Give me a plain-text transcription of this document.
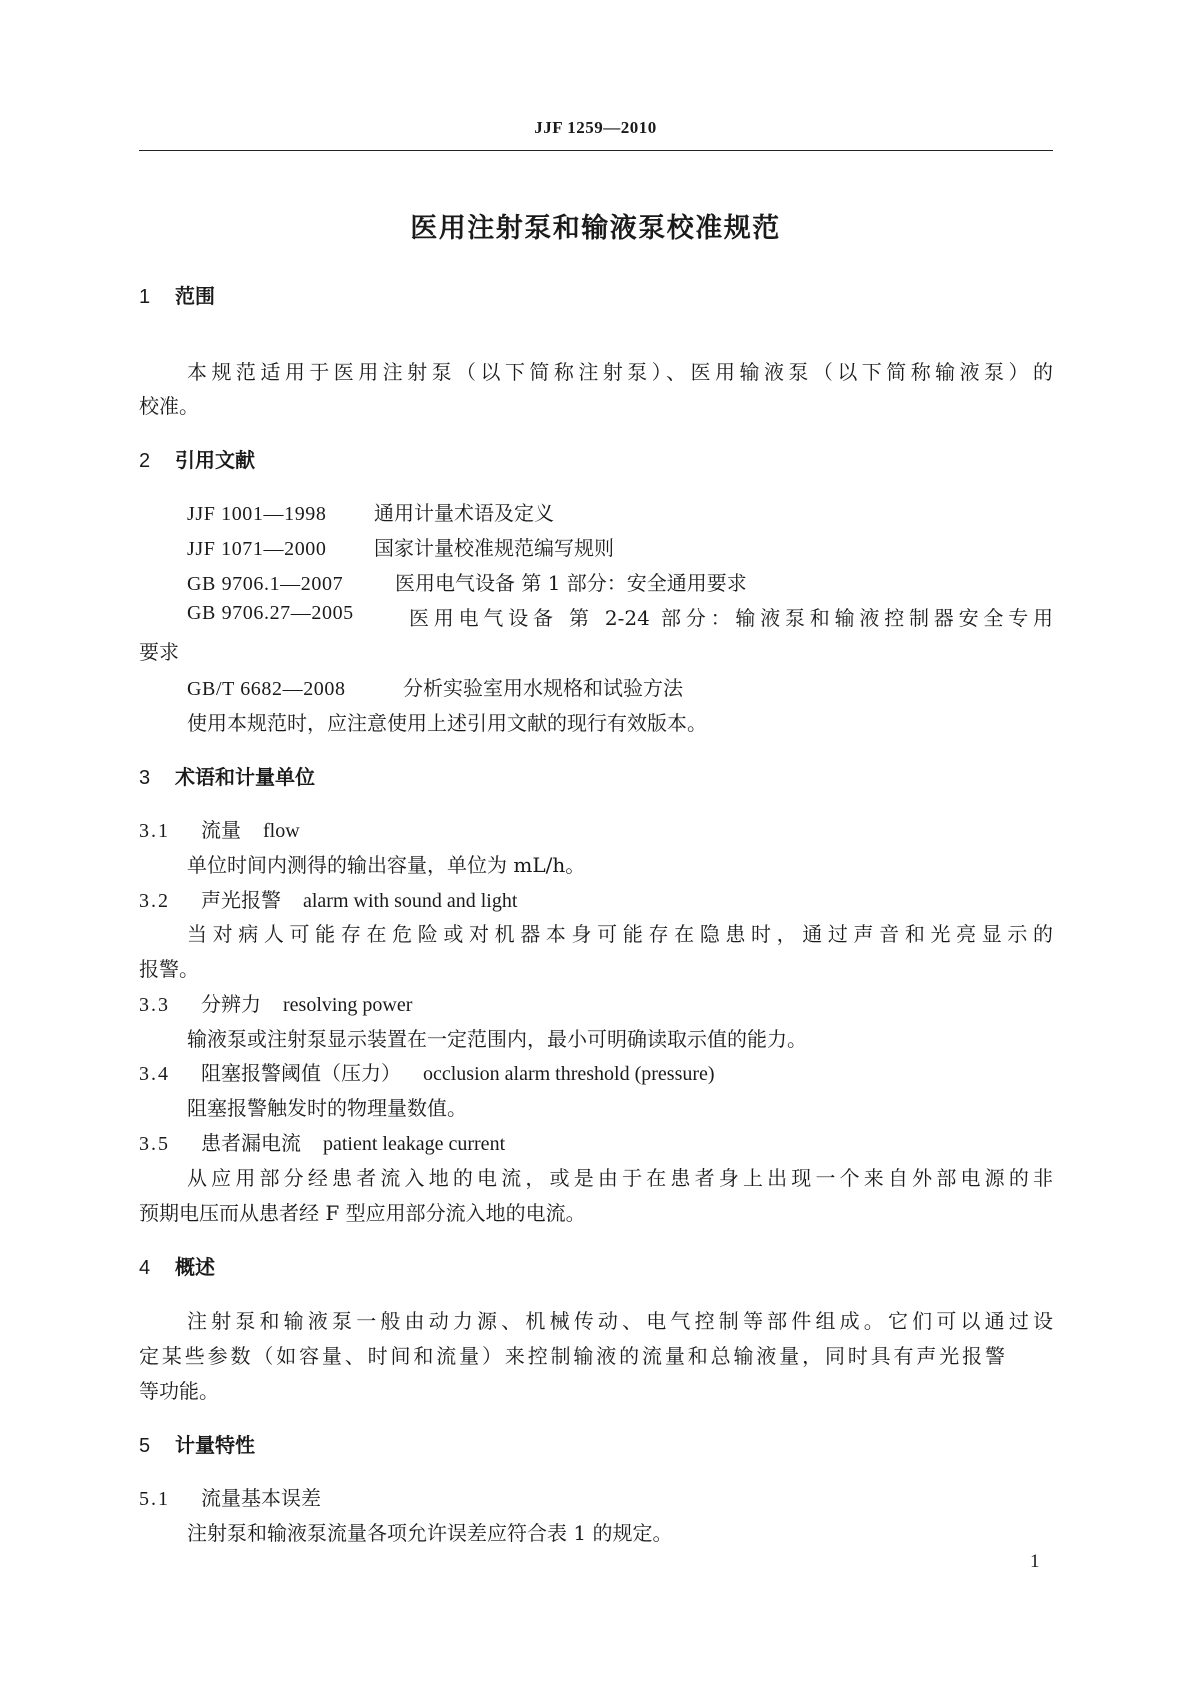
JJF 1259—2010
医用注射泵和输液泵校准规范
1 范围
本规范适用于医用注射泵（以下简称注射泵）、医用输液泵（以下简称输液泵）的
校准。
2 引用文献
JJF 1001—1998 通用计量术语及定义
JJF 1071—2000 国家计量校准规范编写规则
GB 9706.1—2007	医用电气设备 第 1 部分：安全通用要求
GB 9706.27—2005	医用电气设备 第 2-24 部分：输液泵和输液控制器安全专用
要求
GB/T 6682—2008	分析实验室用水规格和试验方法
使用本规范时，应注意使用上述引用文献的现行有效版本。
3 术语和计量单位
3.1 流量 flow
单位时间内测得的输出容量，单位为 mL/h。
3.2 声光报警 alarm with sound and light
当对病人可能存在危险或对机器本身可能存在隐患时，通过声音和光亮显示的
报警。
3.3 分辨力 resolving power
输液泵或注射泵显示装置在一定范围内，最小可明确读取示值的能力。
3.4 阻塞报警阈值（压力） occlusion alarm threshold (pressure)
阻塞报警触发时的物理量数值。
3.5 患者漏电流 patient leakage current
从应用部分经患者流入地的电流，或是由于在患者身上出现一个来自外部电源的非
预期电压而从患者经 F 型应用部分流入地的电流。
4 概述
注射泵和输液泵一般由动力源、机械传动、电气控制等部件组成。它们可以通过设
定某些参数（如容量、时间和流量）来控制输液的流量和总输液量，同时具有声光报警
等功能。
5 计量特性
5.1 流量基本误差
注射泵和输液泵流量各项允许误差应符合表 1 的规定。
1
